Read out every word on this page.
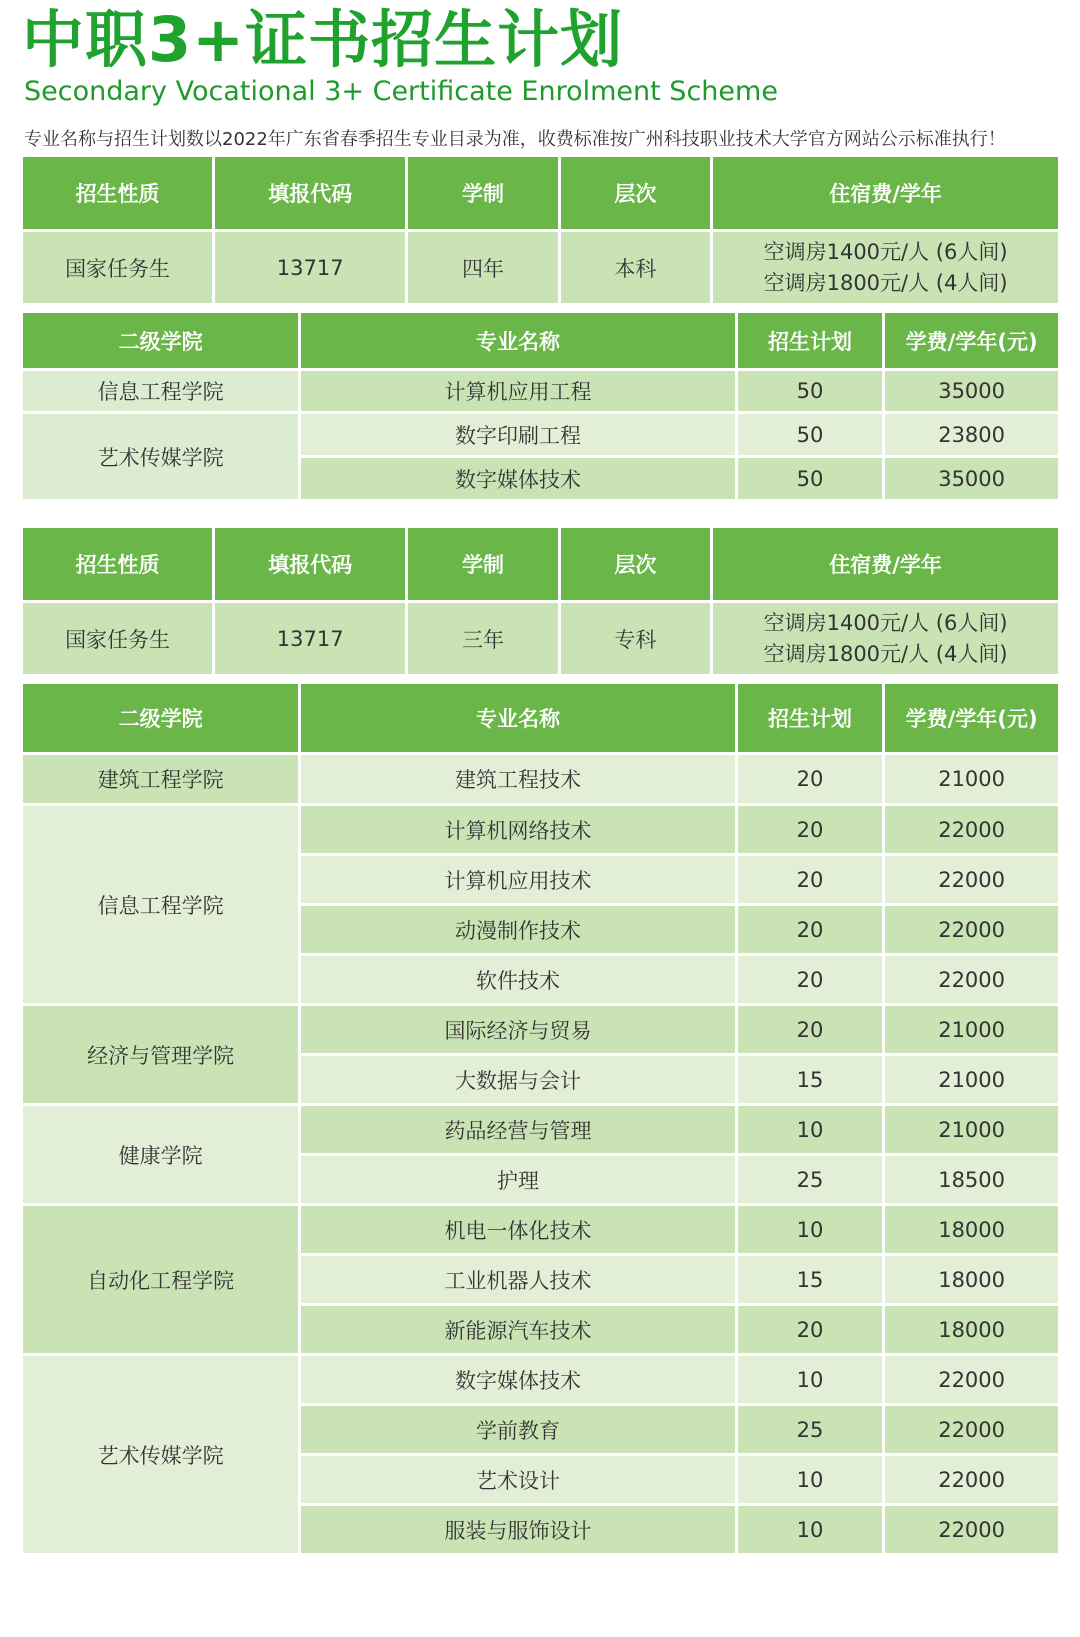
中职3+证书招生计划
Secondary Vocational 3+ Certificate Enrolment Scheme
专业名称与招生计划数以2022年广东省春季招生专业目录为准，收费标准按广州科技职业技术大学官方网站公示标准执行！
招生性质	填报代码	学制	层次	住宿费/学年
国家任务生	13717	四年	本科	空调房1400元/人 (6人间)
空调房1800元/人 (4人间)
二级学院	专业名称	招生计划	学费/学年(元)
信息工程学院	计算机应用工程	50	35000
艺术传媒学院	数字印刷工程	50	23800
	数字媒体技术	50	35000
招生性质	填报代码	学制	层次	住宿费/学年
国家任务生	13717	三年	专科	空调房1400元/人 (6人间)
空调房1800元/人 (4人间)
二级学院	专业名称	招生计划	学费/学年(元)
建筑工程学院	建筑工程技术	20	21000
信息工程学院	计算机网络技术	20	22000
	计算机应用技术	20	22000
	动漫制作技术	20	22000
	软件技术	20	22000
经济与管理学院	国际经济与贸易	20	21000
	大数据与会计	15	21000
健康学院	药品经营与管理	10	21000
	护理	25	18500
自动化工程学院	机电一体化技术	10	18000
	工业机器人技术	15	18000
	新能源汽车技术	20	18000
艺术传媒学院	数字媒体技术	10	22000
	学前教育	25	22000
	艺术设计	10	22000
	服装与服饰设计	10	22000
